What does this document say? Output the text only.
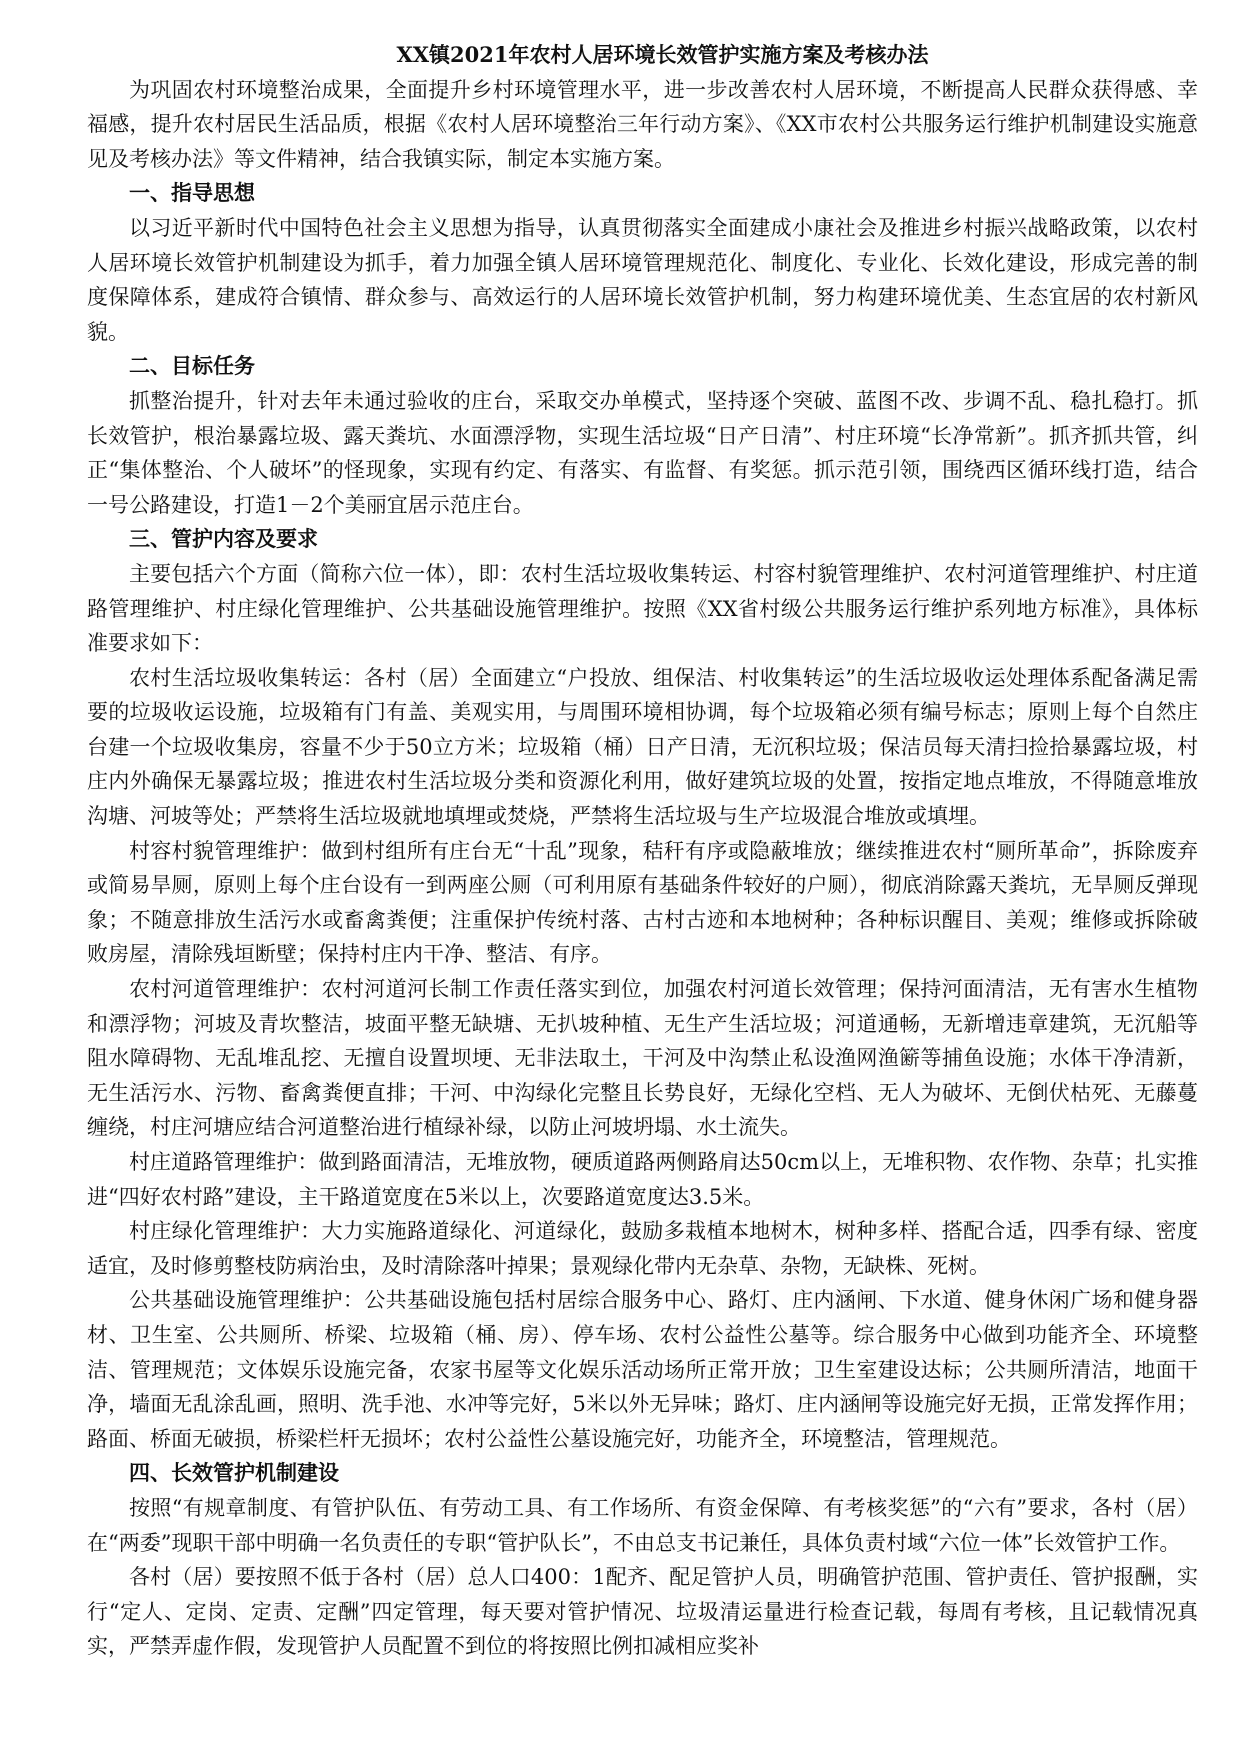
XX镇2021年农村人居环境长效管护实施方案及考核办法

为巩固农村环境整治成果，全面提升乡村环境管理水平，进一步改善农村人居环境，不断提高人民群众获得感、幸福感，提升农村居民生活品质，根据《农村人居环境整治三年行动方案》、《XX市农村公共服务运行维护机制建设实施意见及考核办法》等文件精神，结合我镇实际，制定本实施方案。

一、指导思想

以习近平新时代中国特色社会主义思想为指导，认真贯彻落实全面建成小康社会及推进乡村振兴战略政策，以农村人居环境长效管护机制建设为抓手，着力加强全镇人居环境管理规范化、制度化、专业化、长效化建设，形成完善的制度保障体系，建成符合镇情、群众参与、高效运行的人居环境长效管护机制，努力构建环境优美、生态宜居的农村新风貌。

二、目标任务

抓整治提升，针对去年未通过验收的庄台，采取交办单模式，坚持逐个突破、蓝图不改、步调不乱、稳扎稳打。抓长效管护，根治暴露垃圾、露天粪坑、水面漂浮物，实现生活垃圾“日产日清”、村庄环境“长净常新”。抓齐抓共管，纠正“集体整治、个人破坏”的怪现象，实现有约定、有落实、有监督、有奖惩。抓示范引领，围绕西区循环线打造，结合一号公路建设，打造1－2个美丽宜居示范庄台。

三、管护内容及要求

主要包括六个方面（简称六位一体），即：农村生活垃圾收集转运、村容村貌管理维护、农村河道管理维护、村庄道路管理维护、村庄绿化管理维护、公共基础设施管理维护。按照《XX省村级公共服务运行维护系列地方标准》，具体标准要求如下：

农村生活垃圾收集转运：各村（居）全面建立“户投放、组保洁、村收集转运”的生活垃圾收运处理体系配备满足需要的垃圾收运设施，垃圾箱有门有盖、美观实用，与周围环境相协调，每个垃圾箱必须有编号标志；原则上每个自然庄台建一个垃圾收集房，容量不少于50立方米；垃圾箱（桶）日产日清，无沉积垃圾；保洁员每天清扫捡拾暴露垃圾，村庄内外确保无暴露垃圾；推进农村生活垃圾分类和资源化利用，做好建筑垃圾的处置，按指定地点堆放，不得随意堆放沟塘、河坡等处；严禁将生活垃圾就地填埋或焚烧，严禁将生活垃圾与生产垃圾混合堆放或填埋。

村容村貌管理维护：做到村组所有庄台无“十乱”现象，秸秆有序或隐蔽堆放；继续推进农村“厕所革命”，拆除废弃或简易旱厕，原则上每个庄台设有一到两座公厕（可利用原有基础条件较好的户厕），彻底消除露天粪坑，无旱厕反弹现象；不随意排放生活污水或畜禽粪便；注重保护传统村落、古村古迹和本地树种；各种标识醒目、美观；维修或拆除破败房屋，清除残垣断壁；保持村庄内干净、整洁、有序。

农村河道管理维护：农村河道河长制工作责任落实到位，加强农村河道长效管理；保持河面清洁，无有害水生植物和漂浮物；河坡及青坎整洁，坡面平整无缺塘、无扒坡种植、无生产生活垃圾；河道通畅，无新增违章建筑，无沉船等阻水障碍物、无乱堆乱挖、无擅自设置坝埂、无非法取土，干河及中沟禁止私设渔网渔簖等捕鱼设施；水体干净清新，无生活污水、污物、畜禽粪便直排；干河、中沟绿化完整且长势良好，无绿化空档、无人为破坏、无倒伏枯死、无藤蔓缠绕，村庄河塘应结合河道整治进行植绿补绿，以防止河坡坍塌、水土流失。

村庄道路管理维护：做到路面清洁，无堆放物，硬质道路两侧路肩达50cm以上，无堆积物、农作物、杂草；扎实推进“四好农村路”建设，主干路道宽度在5米以上，次要路道宽度达3.5米。

村庄绿化管理维护：大力实施路道绿化、河道绿化，鼓励多栽植本地树木，树种多样、搭配合适，四季有绿、密度适宜，及时修剪整枝防病治虫，及时清除落叶掉果；景观绿化带内无杂草、杂物，无缺株、死树。

公共基础设施管理维护：公共基础设施包括村居综合服务中心、路灯、庄内涵闸、下水道、健身休闲广场和健身器材、卫生室、公共厕所、桥梁、垃圾箱（桶、房）、停车场、农村公益性公墓等。综合服务中心做到功能齐全、环境整洁、管理规范；文体娱乐设施完备，农家书屋等文化娱乐活动场所正常开放；卫生室建设达标；公共厕所清洁，地面干净，墙面无乱涂乱画，照明、洗手池、水冲等完好，5米以外无异味；路灯、庄内涵闸等设施完好无损，正常发挥作用；路面、桥面无破损，桥梁栏杆无损坏；农村公益性公墓设施完好，功能齐全，环境整洁，管理规范。

四、长效管护机制建设

按照“有规章制度、有管护队伍、有劳动工具、有工作场所、有资金保障、有考核奖惩”的“六有”要求，各村（居）在“两委”现职干部中明确一名负责任的专职“管护队长”，不由总支书记兼任，具体负责村域“六位一体”长效管护工作。

各村（居）要按照不低于各村（居）总人口400：1配齐、配足管护人员，明确管护范围、管护责任、管护报酬，实行“定人、定岗、定责、定酬”四定管理，每天要对管护情况、垃圾清运量进行检查记载，每周有考核，且记载情况真实，严禁弄虚作假，发现管护人员配置不到位的将按照比例扣减相应奖补
